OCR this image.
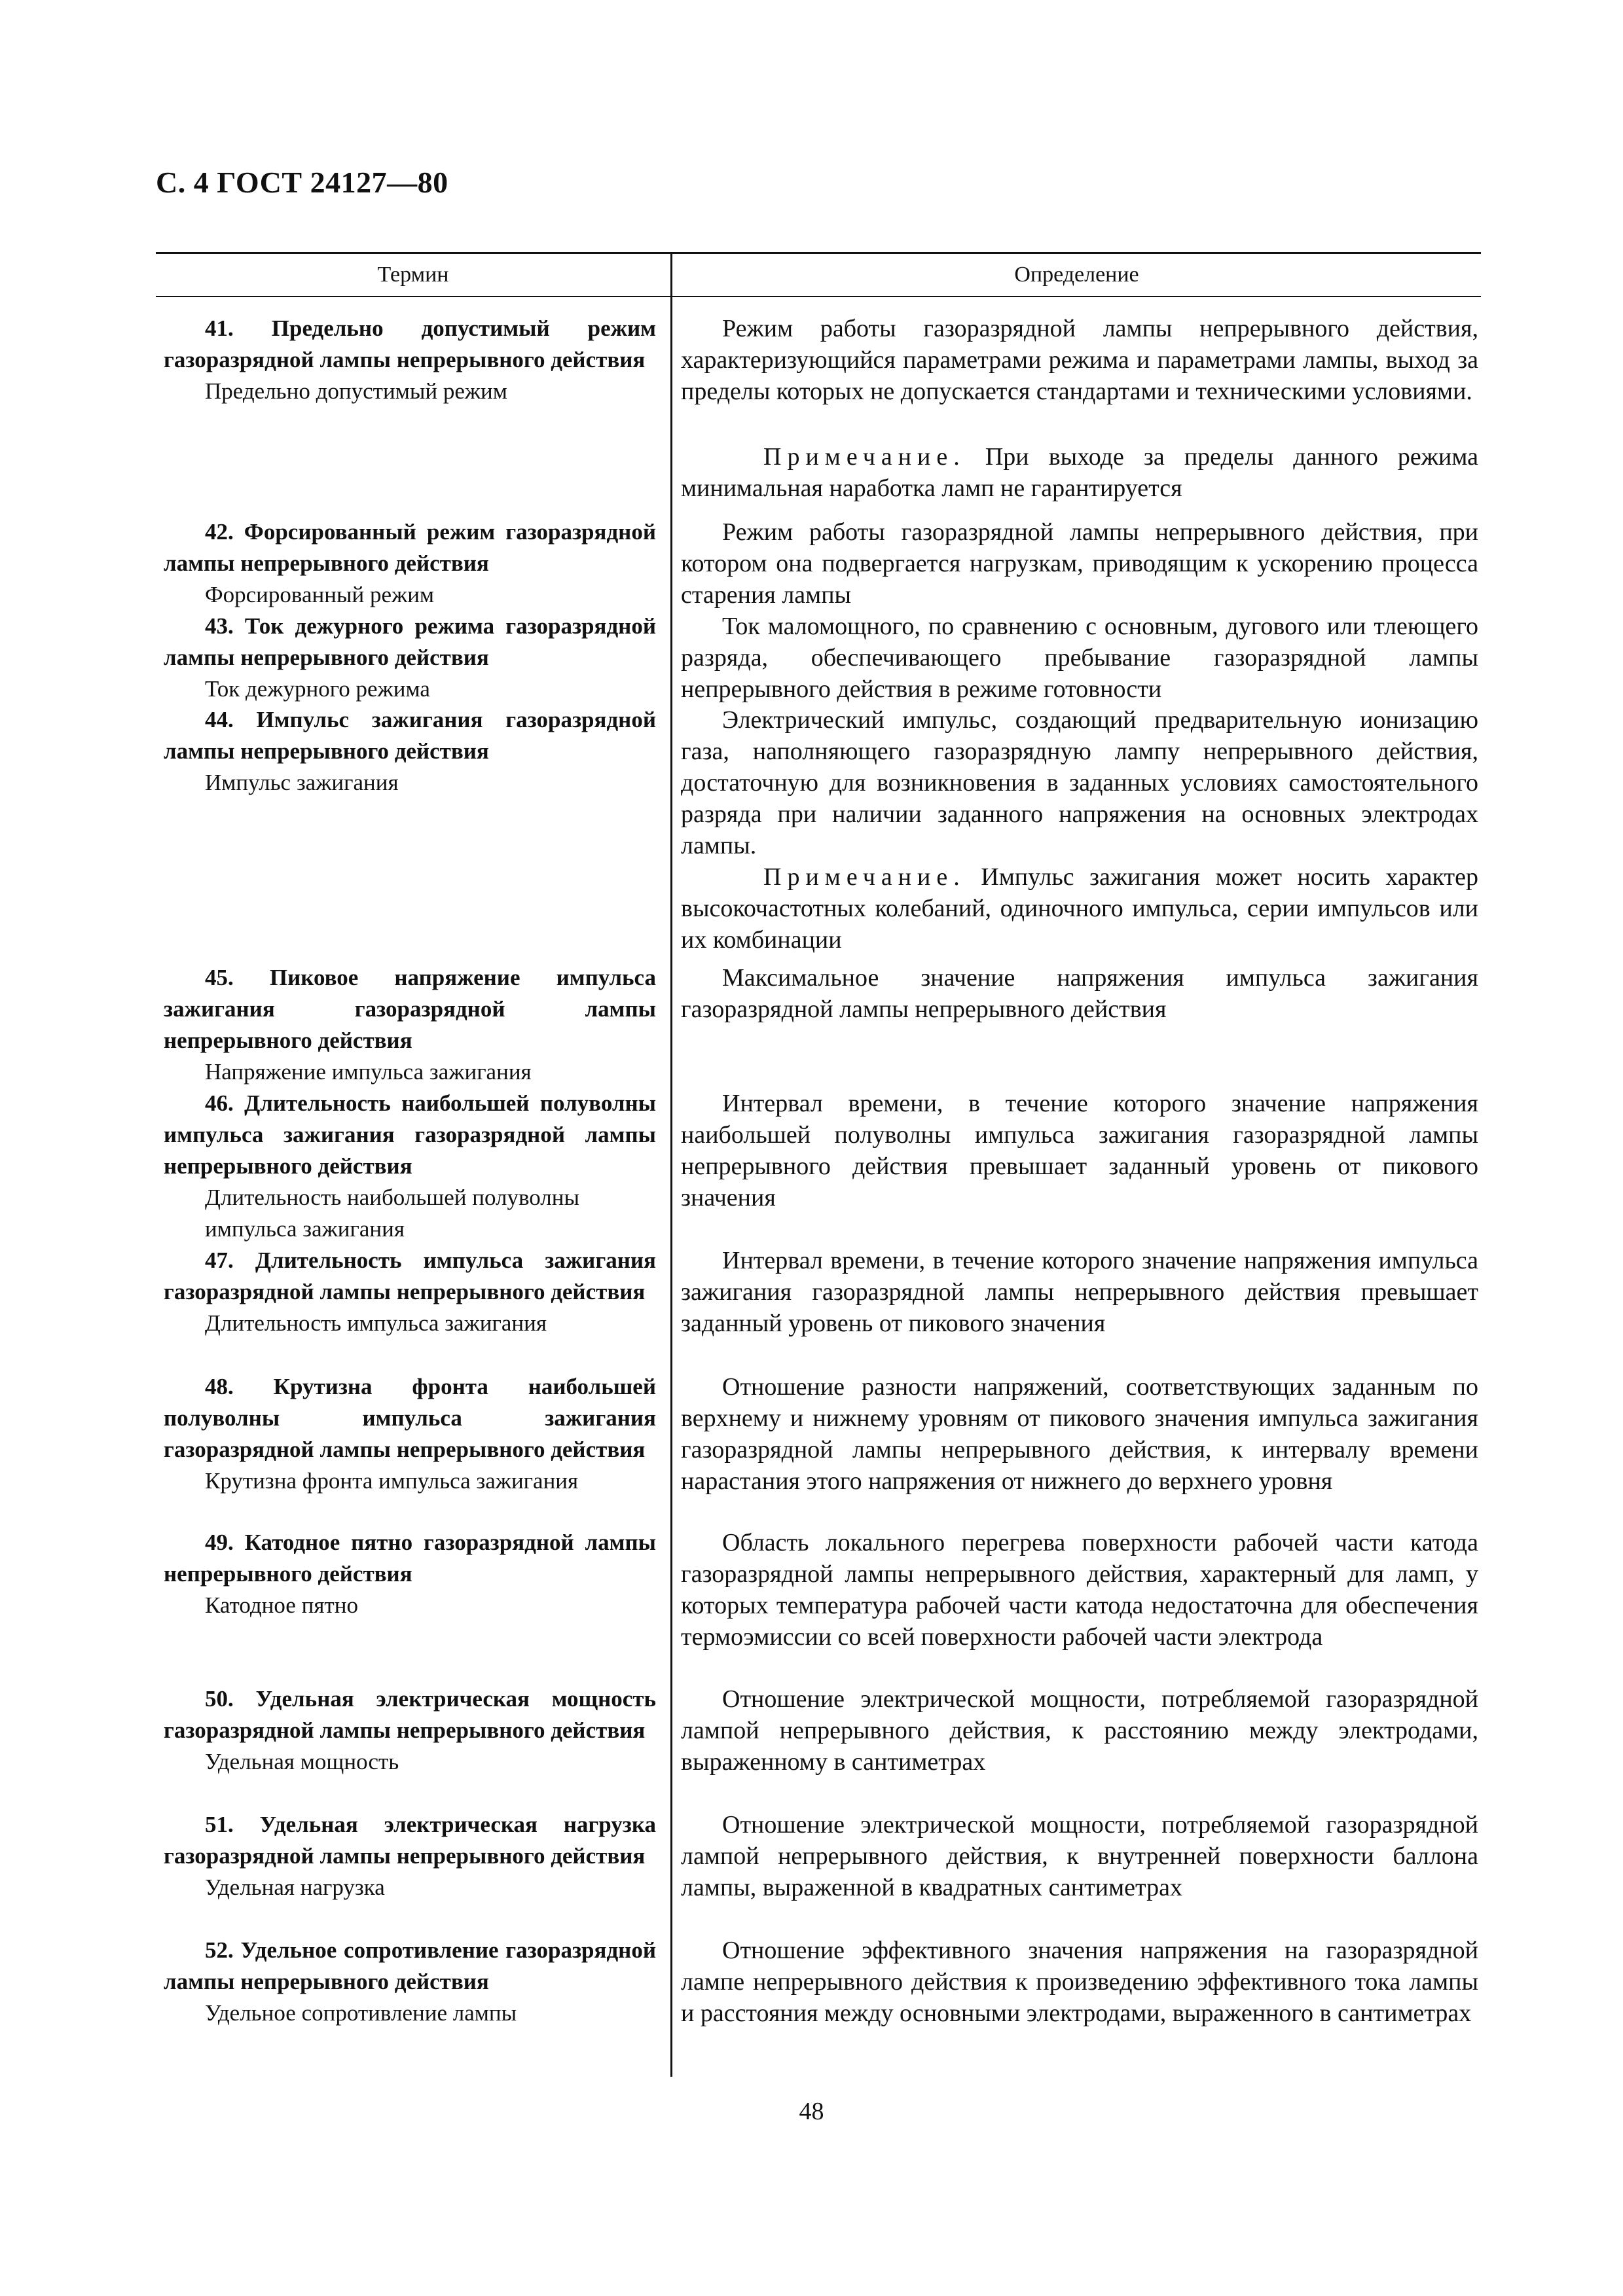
С. 4 ГОСТ 24127—80
Термин	Определение
41. Предельно допустимый режим газоразрядной лампы непрерывного действия
Предельно допустимый режим
42. Форсированный режим газоразрядной лампы непрерывного действия
Форсированный режим
43. Ток дежурного режима газоразрядной лампы непрерывного действия
Ток дежурного режима
44. Импульс зажигания газоразрядной лампы непрерывного действия
Импульс зажигания
45. Пиковое напряжение импульса зажигания газоразрядной лампы непрерывного действия
Напряжение импульса зажигания
46. Длительность наибольшей полуволны импульса зажигания газоразрядной лампы непрерывного действия
Длительность наибольшей полуволны импульса зажигания
47. Длительность импульса зажигания газоразрядной лампы непрерывного действия
Длительность импульса зажигания
48. Крутизна фронта наибольшей полуволны импульса зажигания газоразрядной лампы непрерывного действия
Крутизна фронта импульса зажигания
49. Катодное пятно газоразрядной лампы непрерывного действия
Катодное пятно
50. Удельная электрическая мощность газоразрядной лампы непрерывного действия
Удельная мощность
51. Удельная электрическая нагрузка газоразрядной лампы непрерывного действия
Удельная нагрузка
52. Удельное сопротивление газоразрядной лампы непрерывного действия
Удельное сопротивление лампы
Режим работы газоразрядной лампы непрерывного действия, характеризующийся параметрами режима и параметрами лампы, выход за пределы которых не допускается стандартами и техническими условиями.
Примечание. При выходе за пределы данного режима минимальная наработка ламп не гарантируется
Режим работы газоразрядной лампы непрерывного действия, при котором она подвергается нагрузкам, приводящим к ускорению процесса старения лампы
Ток маломощного, по сравнению с основным, дугового или тлеющего разряда, обеспечивающего пребывание газоразрядной лампы непрерывного действия в режиме готовности
Электрический импульс, создающий предварительную ионизацию газа, наполняющего газоразрядную лампу непрерывного действия, достаточную для возникновения в заданных условиях самостоятельного разряда при наличии заданного напряжения на основных электродах лампы.
Примечание. Импульс зажигания может носить характер высокочастотных колебаний, одиночного импульса, серии импульсов или их комбинации
Максимальное значение напряжения импульса зажигания газоразрядной лампы непрерывного действия
Интервал времени, в течение которого значение напряжения наибольшей полуволны импульса зажигания газоразрядной лампы непрерывного действия превышает заданный уровень от пикового значения
Интервал времени, в течение которого значение напряжения импульса зажигания газоразрядной лампы непрерывного действия превышает заданный уровень от пикового значения
Отношение разности напряжений, соответствующих заданным по верхнему и нижнему уровням от пикового значения импульса зажигания газоразрядной лампы непрерывного действия, к интервалу времени нарастания этого напряжения от нижнего до верхнего уровня
Область локального перегрева поверхности рабочей части катода газоразрядной лампы непрерывного действия, характерный для ламп, у которых температура рабочей части катода недостаточна для обеспечения термоэмиссии со всей поверхности рабочей части электрода
Отношение электрической мощности, потребляемой газоразрядной лампой непрерывного действия, к расстоянию между электродами, выраженному в сантиметрах
Отношение электрической мощности, потребляемой газоразрядной лампой непрерывного действия, к внутренней поверхности баллона лампы, выраженной в квадратных сантиметрах
Отношение эффективного значения напряжения на газоразрядной лампе непрерывного действия к произведению эффективного тока лампы и расстояния между основными электродами, выраженного в сантиметрах
48
